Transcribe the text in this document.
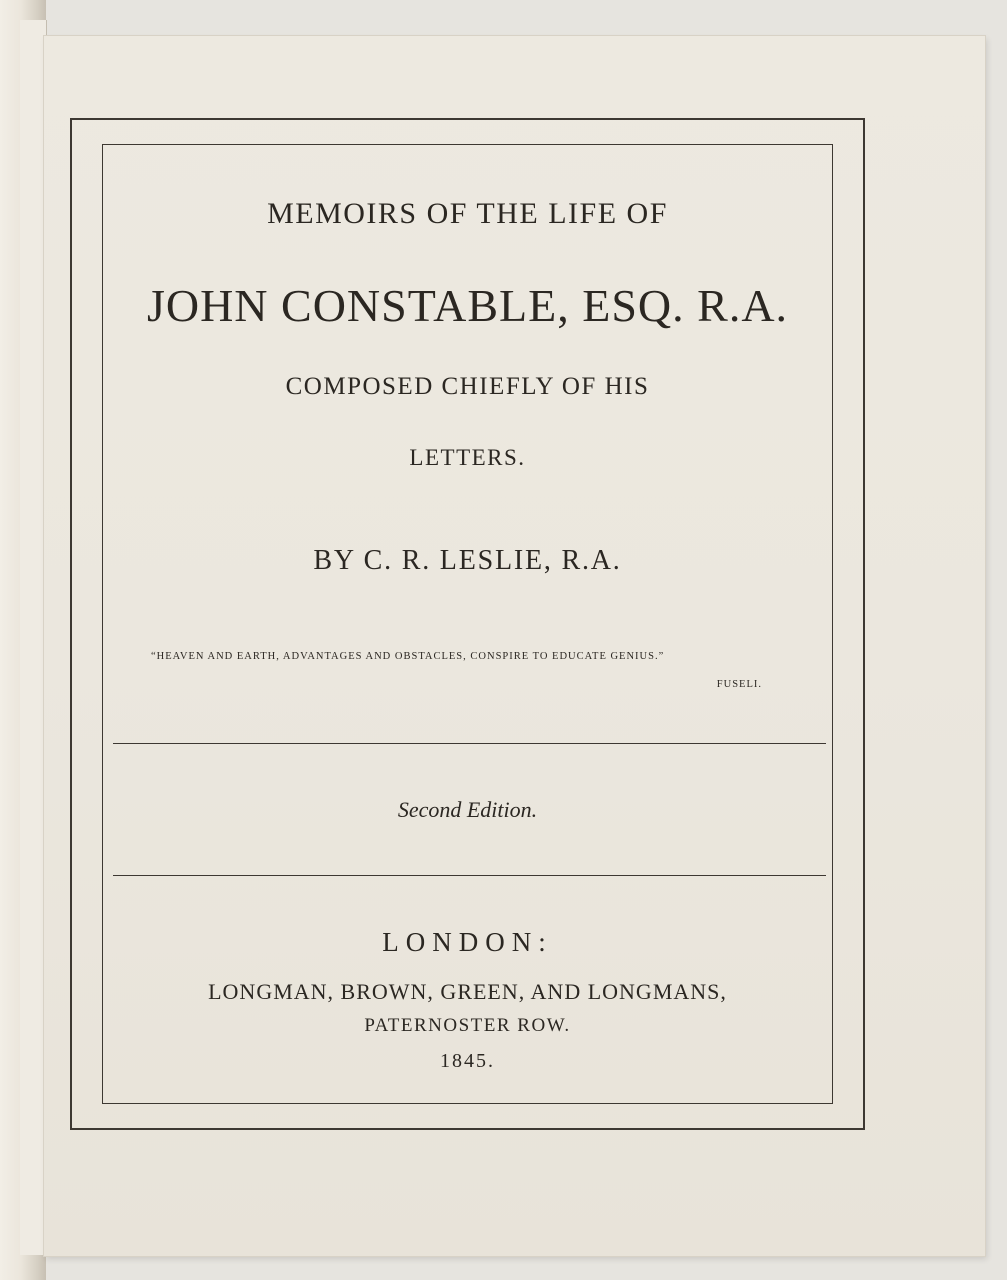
MEMOIRS OF THE LIFE OF
JOHN CONSTABLE, ESQ. R.A.
COMPOSED CHIEFLY OF HIS
LETTERS.
BY C. R. LESLIE, R.A.
“HEAVEN AND EARTH, ADVANTAGES AND OBSTACLES, CONSPIRE TO EDUCATE GENIUS.”
FUSELI.
Second Edition.
LONDON:
LONGMAN, BROWN, GREEN, AND LONGMANS,
PATERNOSTER ROW.
1845.
